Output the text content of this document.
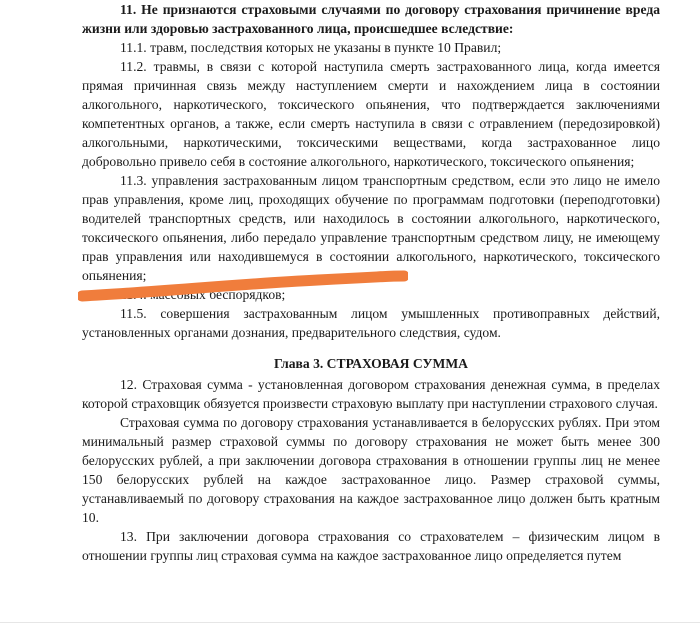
11. Не признаются страховыми случаями по договору страхования причинение вреда жизни или здоровью застрахованного лица, происшедшее вследствие:

11.1. травм, последствия которых не указаны в пункте 10 Правил;

11.2. травмы, в связи с которой наступила смерть застрахованного лица, когда имеется прямая причинная связь между наступлением смерти и нахождением лица в состоянии алкогольного, наркотического, токсического опьянения, что подтверждается заключениями компетентных органов, а также, если смерть наступила в связи с отравлением (передозировкой) алкогольными, наркотическими, токсическими веществами, когда застрахованное лицо добровольно привело себя в состояние алкогольного, наркотического, токсического опьянения;

11.3. управления застрахованным лицом транспортным средством, если это лицо не имело прав управления, кроме лиц, проходящих обучение по программам подготовки (переподготовки) водителей транспортных средств, или находилось в состоянии алкогольного, наркотического, токсического опьянения, либо передало управление транспортным средством лицу, не имеющему прав управления или находившемуся в состоянии алкогольного, наркотического, токсического опьянения;

11.4. массовых беспорядков;

11.5. совершения застрахованным лицом умышленных противоправных действий, установленных органами дознания, предварительного следствия, судом.

Глава 3. СТРАХОВАЯ СУММА

12. Страховая сумма - установленная договором страхования денежная сумма, в пределах которой страховщик обязуется произвести страховую выплату при наступлении страхового случая.

Страховая сумма по договору страхования устанавливается в белорусских рублях. При этом минимальный размер страховой суммы по договору страхования не может быть менее 300 белорусских рублей, а при заключении договора страхования в отношении группы лиц не менее 150 белорусских рублей на каждое застрахованное лицо. Размер страховой суммы, устанавливаемый по договору страхования на каждое застрахованное лицо должен быть кратным 10.

13. При заключении договора страхования со страхователем – физическим лицом в отношении группы лиц страховая сумма на каждое застрахованное лицо определяется путем
